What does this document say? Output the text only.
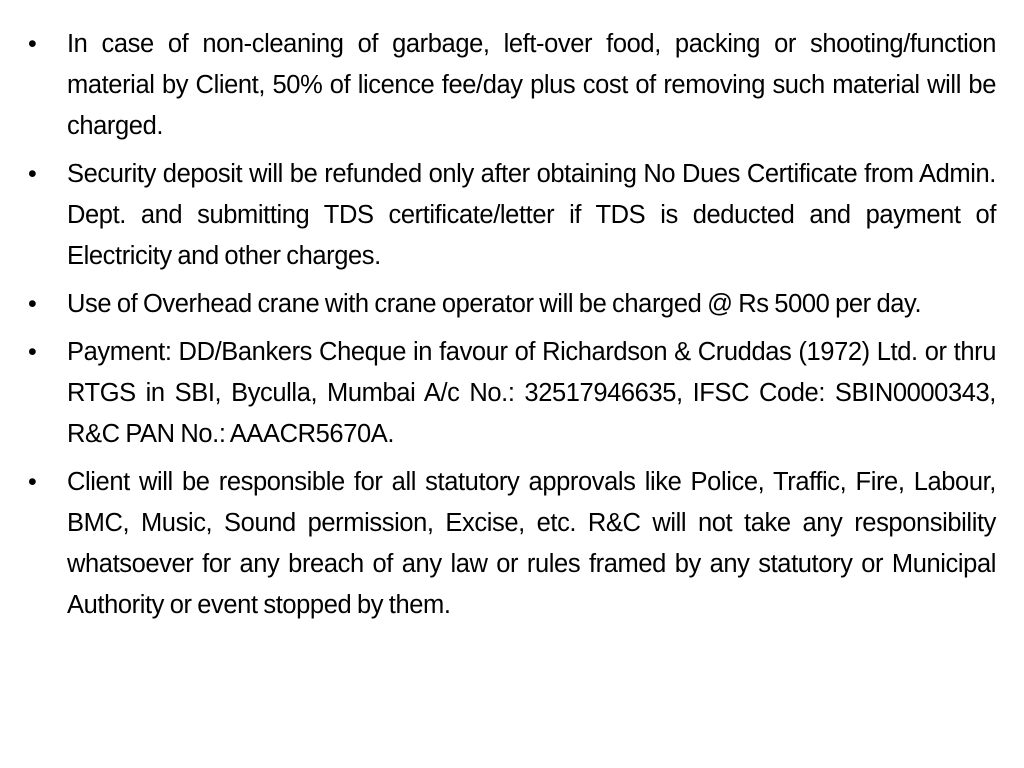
•	In case of non-cleaning of garbage, left-over food, packing or shooting/function material by Client, 50% of licence fee/day plus cost of removing such material will be charged.
•	Security deposit will be refunded only after obtaining No Dues Certificate from Admin. Dept. and submitting TDS certificate/letter if TDS is deducted and payment of Electricity and other charges.
•	Use of Overhead crane with crane operator will be charged @ Rs 5000 per day.
•	Payment: DD/Bankers Cheque in favour of Richardson & Cruddas (1972) Ltd. or thru RTGS in SBI, Byculla, Mumbai A/c No.: 32517946635, IFSC Code: SBIN0000343, R&C PAN No.: AAACR5670A.
•	Client will be responsible for all statutory approvals like Police, Traffic, Fire, Labour, BMC, Music, Sound permission, Excise, etc. R&C will not take any responsibility whatsoever for any breach of any law or rules framed by any statutory or Municipal Authority or event stopped by them.
